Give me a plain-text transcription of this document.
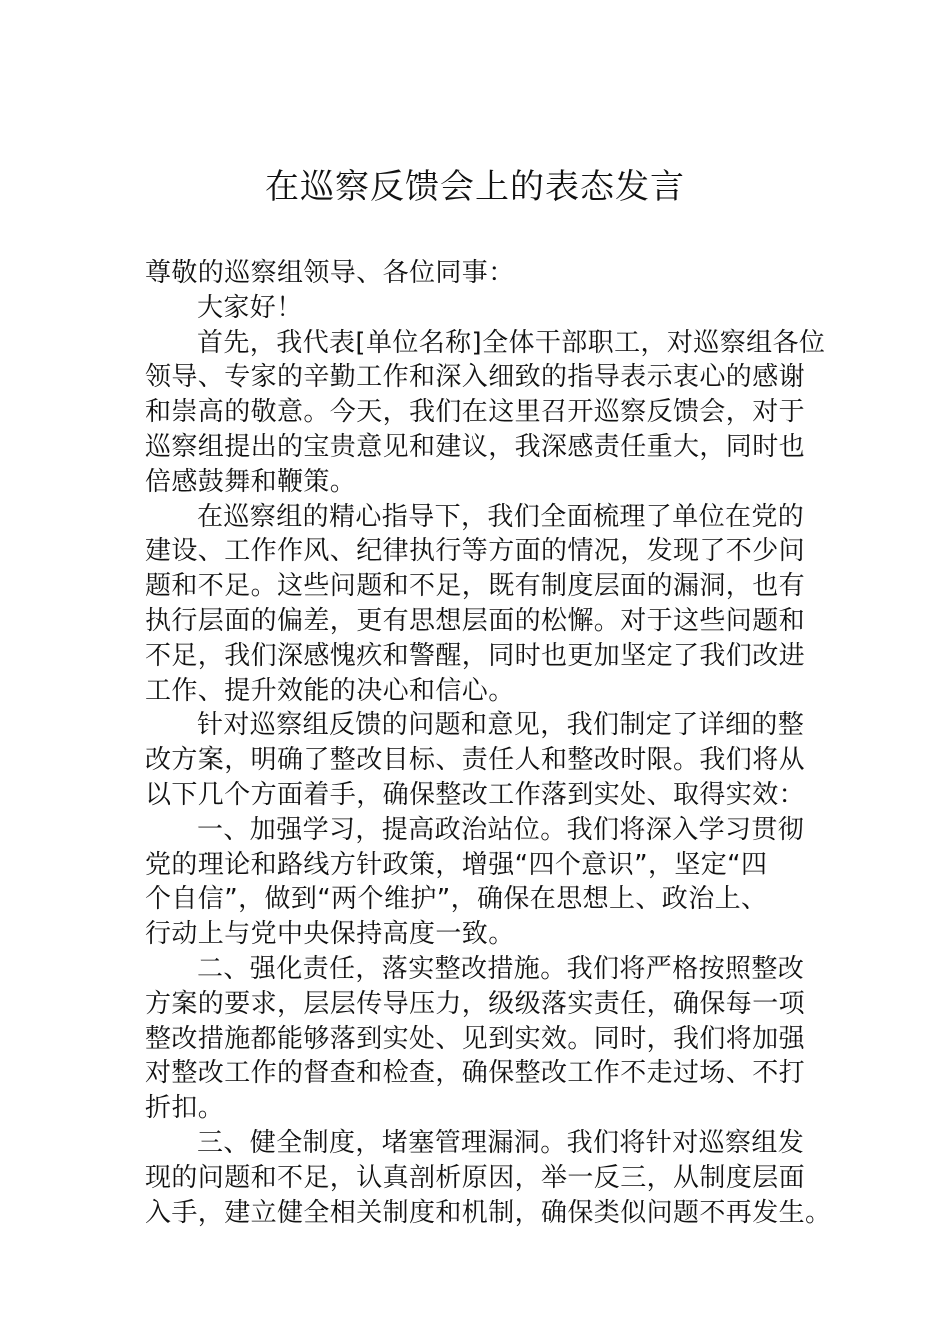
在巡察反馈会上的表态发言
尊敬的巡察组领导、各位同事：
大家好！
首先，我代表[单位名称]全体干部职工，对巡察组各位
领导、专家的辛勤工作和深入细致的指导表示衷心的感谢
和崇高的敬意。今天，我们在这里召开巡察反馈会，对于
巡察组提出的宝贵意见和建议，我深感责任重大，同时也
倍感鼓舞和鞭策。
在巡察组的精心指导下，我们全面梳理了单位在党的
建设、工作作风、纪律执行等方面的情况，发现了不少问
题和不足。这些问题和不足，既有制度层面的漏洞，也有
执行层面的偏差，更有思想层面的松懈。对于这些问题和
不足，我们深感愧疚和警醒，同时也更加坚定了我们改进
工作、提升效能的决心和信心。
针对巡察组反馈的问题和意见，我们制定了详细的整
改方案，明确了整改目标、责任人和整改时限。我们将从
以下几个方面着手，确保整改工作落到实处、取得实效：
一、加强学习，提高政治站位。我们将深入学习贯彻
党的理论和路线方针政策，增强“四个意识”，坚定“四
个自信”，做到“两个维护”，确保在思想上、政治上、
行动上与党中央保持高度一致。
二、强化责任，落实整改措施。我们将严格按照整改
方案的要求，层层传导压力，级级落实责任，确保每一项
整改措施都能够落到实处、见到实效。同时，我们将加强
对整改工作的督查和检查，确保整改工作不走过场、不打
折扣。
三、健全制度，堵塞管理漏洞。我们将针对巡察组发
现的问题和不足，认真剖析原因，举一反三，从制度层面
入手，建立健全相关制度和机制，确保类似问题不再发生。
